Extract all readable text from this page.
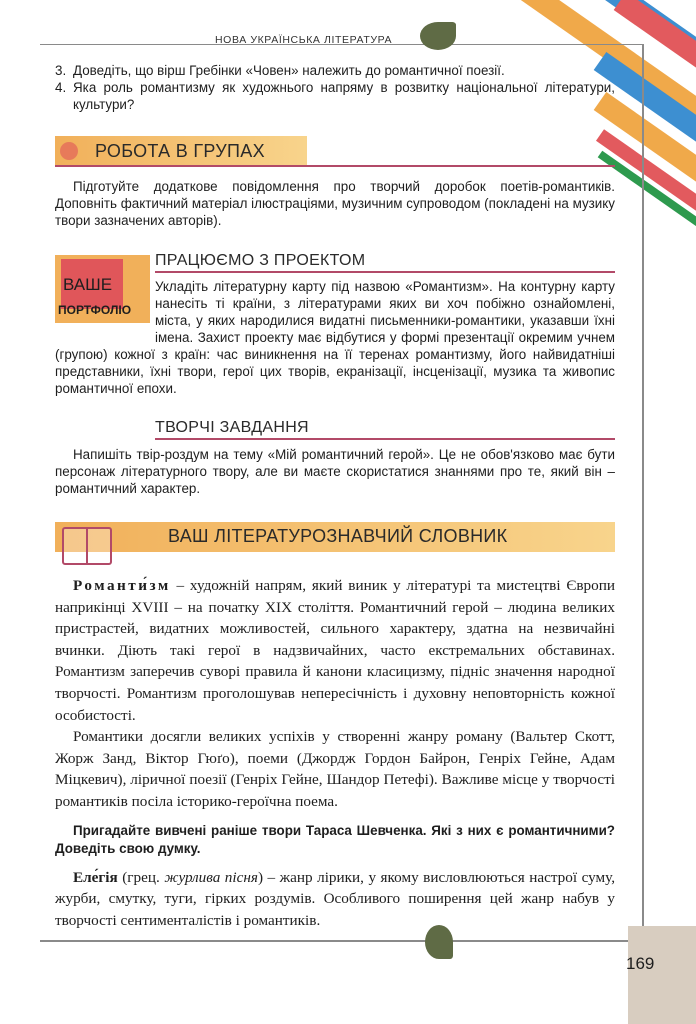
НОВА УКРАЇНСЬКА ЛІТЕРАТУРА
3. Доведіть, що вірш Гребінки «Човен» належить до романтичної поезії.
4. Яка роль романтизму як художнього напряму в розвитку національної літератури, культури?
РОБОТА В ГРУПАХ

Підготуйте додаткове повідомлення про творчий доробок поетів-романтиків. Доповніть фактичний матеріал ілюстраціями, музичним супроводом (покладені на музику твори зазначених авторів).

ВАШЕ
ПОРТФОЛІО
ПРАЦЮЄМО З ПРОЕКТОМ
Укладіть літературну карту під назвою «Романтизм». На контурну карту нанесіть ті країни, з літературами яких ви хоч побіжно ознайомлені, міста, у яких народилися видатні письменники-романтики, указавши їхні імена. Захист проекту має відбутися у формі презентації окремим учнем (групою) кожної з країн: час виникнення на її теренах романтизму, його найвидатніші представники, їхні твори, герої цих творів, екранізації, інсценізації, музика та живопис романтичної епохи.
ТВОРЧІ ЗАВДАННЯ

Напишіть твір-роздум на тему «Мій романтичний герой». Це не обов'язково має бути персонаж літературного твору, але ви маєте скористатися знаннями про те, який він – романтичний характер.

ВАШ ЛІТЕРАТУРОЗНАВЧИЙ СЛОВНИК

Романти́зм – художній напрям, який виник у літературі та мистецтві Європи наприкінці XVIII – на початку XIX століття. Романтичний герой – людина великих пристрастей, видатних можливостей, сильного характеру, здатна на незвичайні вчинки. Діють такі герої в надзвичайних, часто екстремальних обставинах. Романтизм заперечив суворі правила й канони класицизму, підніс значення народної творчості. Романтизм проголошував непересічність і духовну неповторність кожної особистості.

Романтики досягли великих успіхів у створенні жанру роману (Вальтер Скотт, Жорж Занд, Віктор Гюґо), поеми (Джордж Гордон Байрон, Генріх Гейне, Адам Міцкевич), ліричної поезії (Генріх Гейне, Шандор Петефі). Важливе місце у творчості романтиків посіла історико-героїчна поема.

Пригадайте вивчені раніше твори Тараса Шевченка. Які з них є романтичними? Доведіть свою думку.

Еле́гія (грец. журлива пісня) – жанр лірики, у якому висловлюються настрої суму, журби, смутку, туги, гірких роздумів. Особливого поширення цей жанр набув у творчості сентименталістів і романтиків.

169
